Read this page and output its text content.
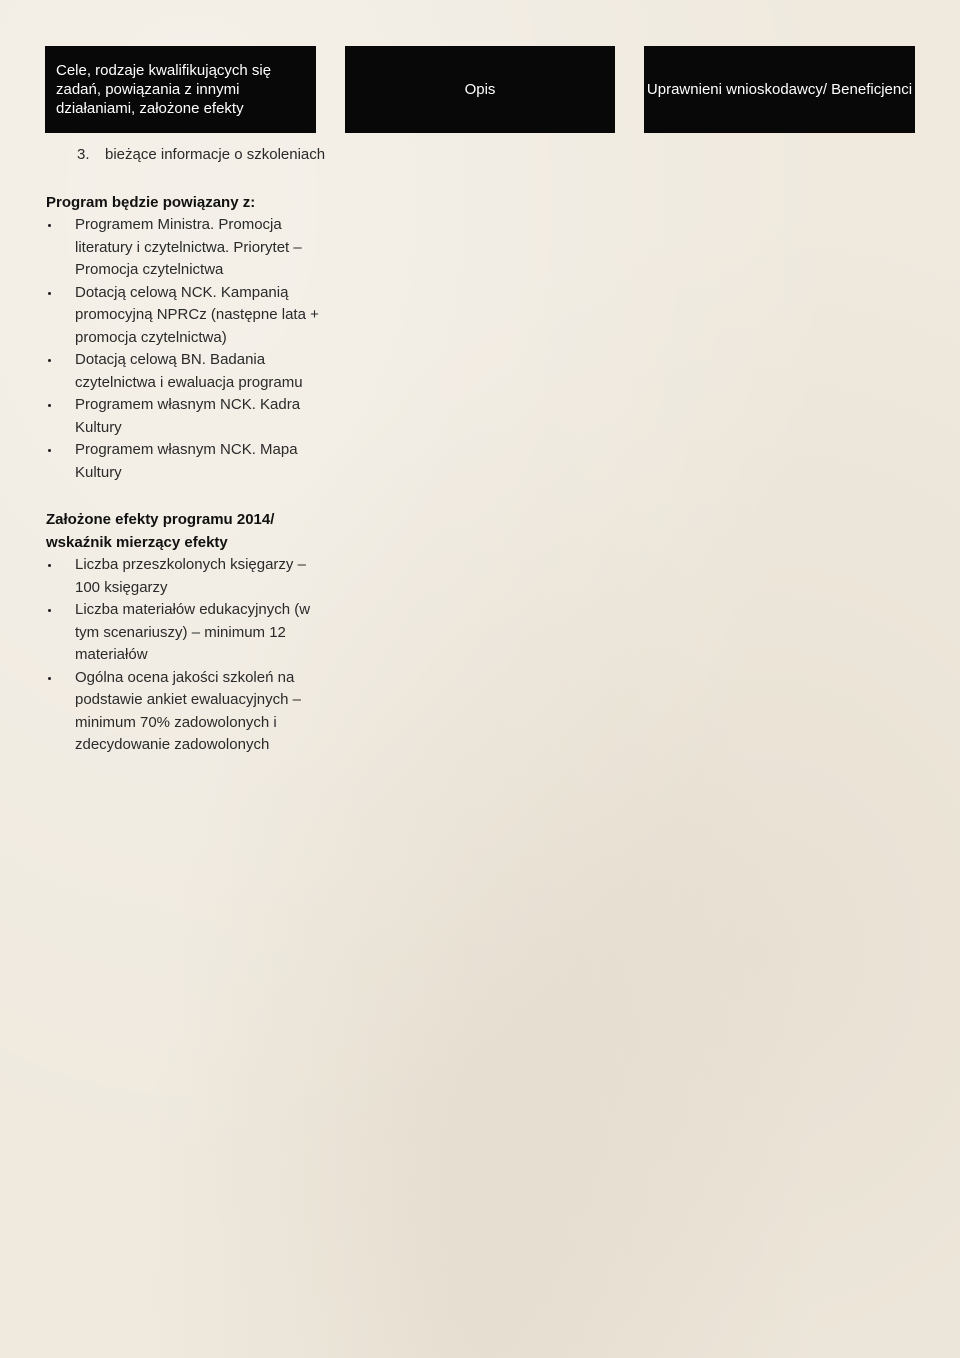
Cele, rodzaje kwalifikujących się zadań, powiązania z innymi działaniami, założone efekty
Opis	Uprawnieni wnioskodawcy/ Beneficjenci
3.	bieżące informacje o szkoleniach

Program będzie powiązany z:

Programem Ministra. Promocja literatury i czytelnictwa. Priorytet – Promocja czytelnictwa
Dotacją celową NCK. Kampanią promocyjną NPRCz (następne lata + promocja czytelnictwa)
Dotacją celową BN. Badania czytelnictwa i ewaluacja programu
Programem własnym NCK. Kadra Kultury
Programem własnym NCK. Mapa Kultury

Założone efekty programu 2014/ wskaźnik mierzący efekty

Liczba przeszkolonych księgarzy – 100 księgarzy
Liczba materiałów edukacyjnych (w tym scenariuszy) – minimum 12 materiałów
Ogólna ocena jakości szkoleń na podstawie ankiet ewaluacyjnych – minimum 70% zadowolonych i zdecydowanie zadowolonych
